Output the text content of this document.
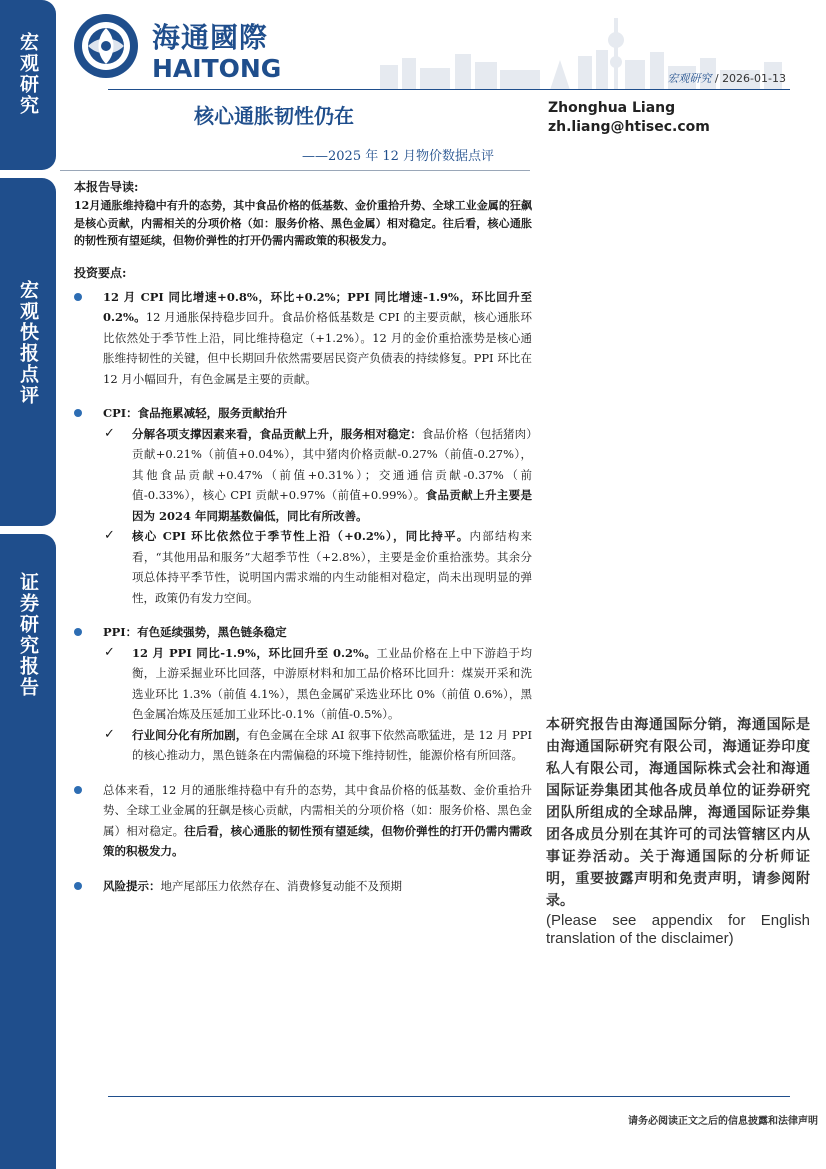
宏观研究
宏观快报点评
证券研究报告
海通國際
HAITONG	宏观研究 / 2026-01-13
核心通胀韧性仍在
——2025 年 12 月物价数据点评
Zhonghua Liang
zh.liang@htisec.com
本报告导读:
12月通胀维持稳中有升的态势，其中食品价格的低基数、金价重拾升势、全球工业金属的狂飙是核心贡献，内需相关的分项价格（如：服务价格、黑色金属）相对稳定。往后看，核心通胀的韧性预有望延续，但物价弹性的打开仍需内需政策的积极发力。
投资要点:
12 月 CPI 同比增速+0.8%，环比+0.2%；PPI 同比增速-1.9%，环比回升至 0.2%。12 月通胀保持稳步回升。食品价格低基数是 CPI 的主要贡献，核心通胀环比依然处于季节性上沿，同比维持稳定（+1.2%）。12 月的金价重拾涨势是核心通胀维持韧性的关键，但中长期回升依然需要居民资产负债表的持续修复。PPI 环比在 12 月小幅回升，有色金属是主要的贡献。
CPI：食品拖累减轻，服务贡献抬升
✓ 分解各项支撑因素来看，食品贡献上升，服务相对稳定：食品价格（包括猪肉）贡献+0.21%（前值+0.04%），其中猪肉价格贡献-0.27%（前值-0.27%），其他食品贡献+0.47%（前值+0.31%）；交通通信贡献-0.37%（前值-0.33%），核心 CPI 贡献+0.97%（前值+0.99%）。食品贡献上升主要是因为 2024 年同期基数偏低，同比有所改善。
✓ 核心 CPI 环比依然位于季节性上沿（+0.2%），同比持平。内部结构来看，“其他用品和服务”大超季节性（+2.8%），主要是金价重拾涨势。其余分项总体持平季节性，说明国内需求端的内生动能相对稳定，尚未出现明显的弹性，政策仍有发力空间。
PPI：有色延续强势，黑色链条稳定
✓ 12 月 PPI 同比-1.9%，环比回升至 0.2%。工业品价格在上中下游趋于均衡，上游采掘业环比回落，中游原材料和加工品价格环比回升：煤炭开采和洗选业环比 1.3%（前值 4.1%），黑色金属矿采选业环比 0%（前值 0.6%），黑色金属冶炼及压延加工业环比-0.1%（前值-0.5%）。
✓ 行业间分化有所加剧，有色金属在全球 AI 叙事下依然高歌猛进，是 12 月 PPI 的核心推动力，黑色链条在内需偏稳的环境下维持韧性，能源价格有所回落。
总体来看，12 月的通胀维持稳中有升的态势，其中食品价格的低基数、金价重拾升势、全球工业金属的狂飙是核心贡献，内需相关的分项价格（如：服务价格、黑色金属）相对稳定。往后看，核心通胀的韧性预有望延续，但物价弹性的打开仍需内需政策的积极发力。
风险提示：地产尾部压力依然存在、消费修复动能不及预期
本研究报告由海通国际分销，海通国际是由海通国际研究有限公司，海通证券印度私人有限公司，海通国际株式会社和海通国际证券集团其他各成员单位的证券研究团队所组成的全球品牌，海通国际证券集团各成员分别在其许可的司法管辖区内从事证券活动。关于海通国际的分析师证明，重要披露声明和免责声明，请参阅附录。
(Please see appendix for English translation of the disclaimer)
请务必阅读正文之后的信息披露和法律声明
